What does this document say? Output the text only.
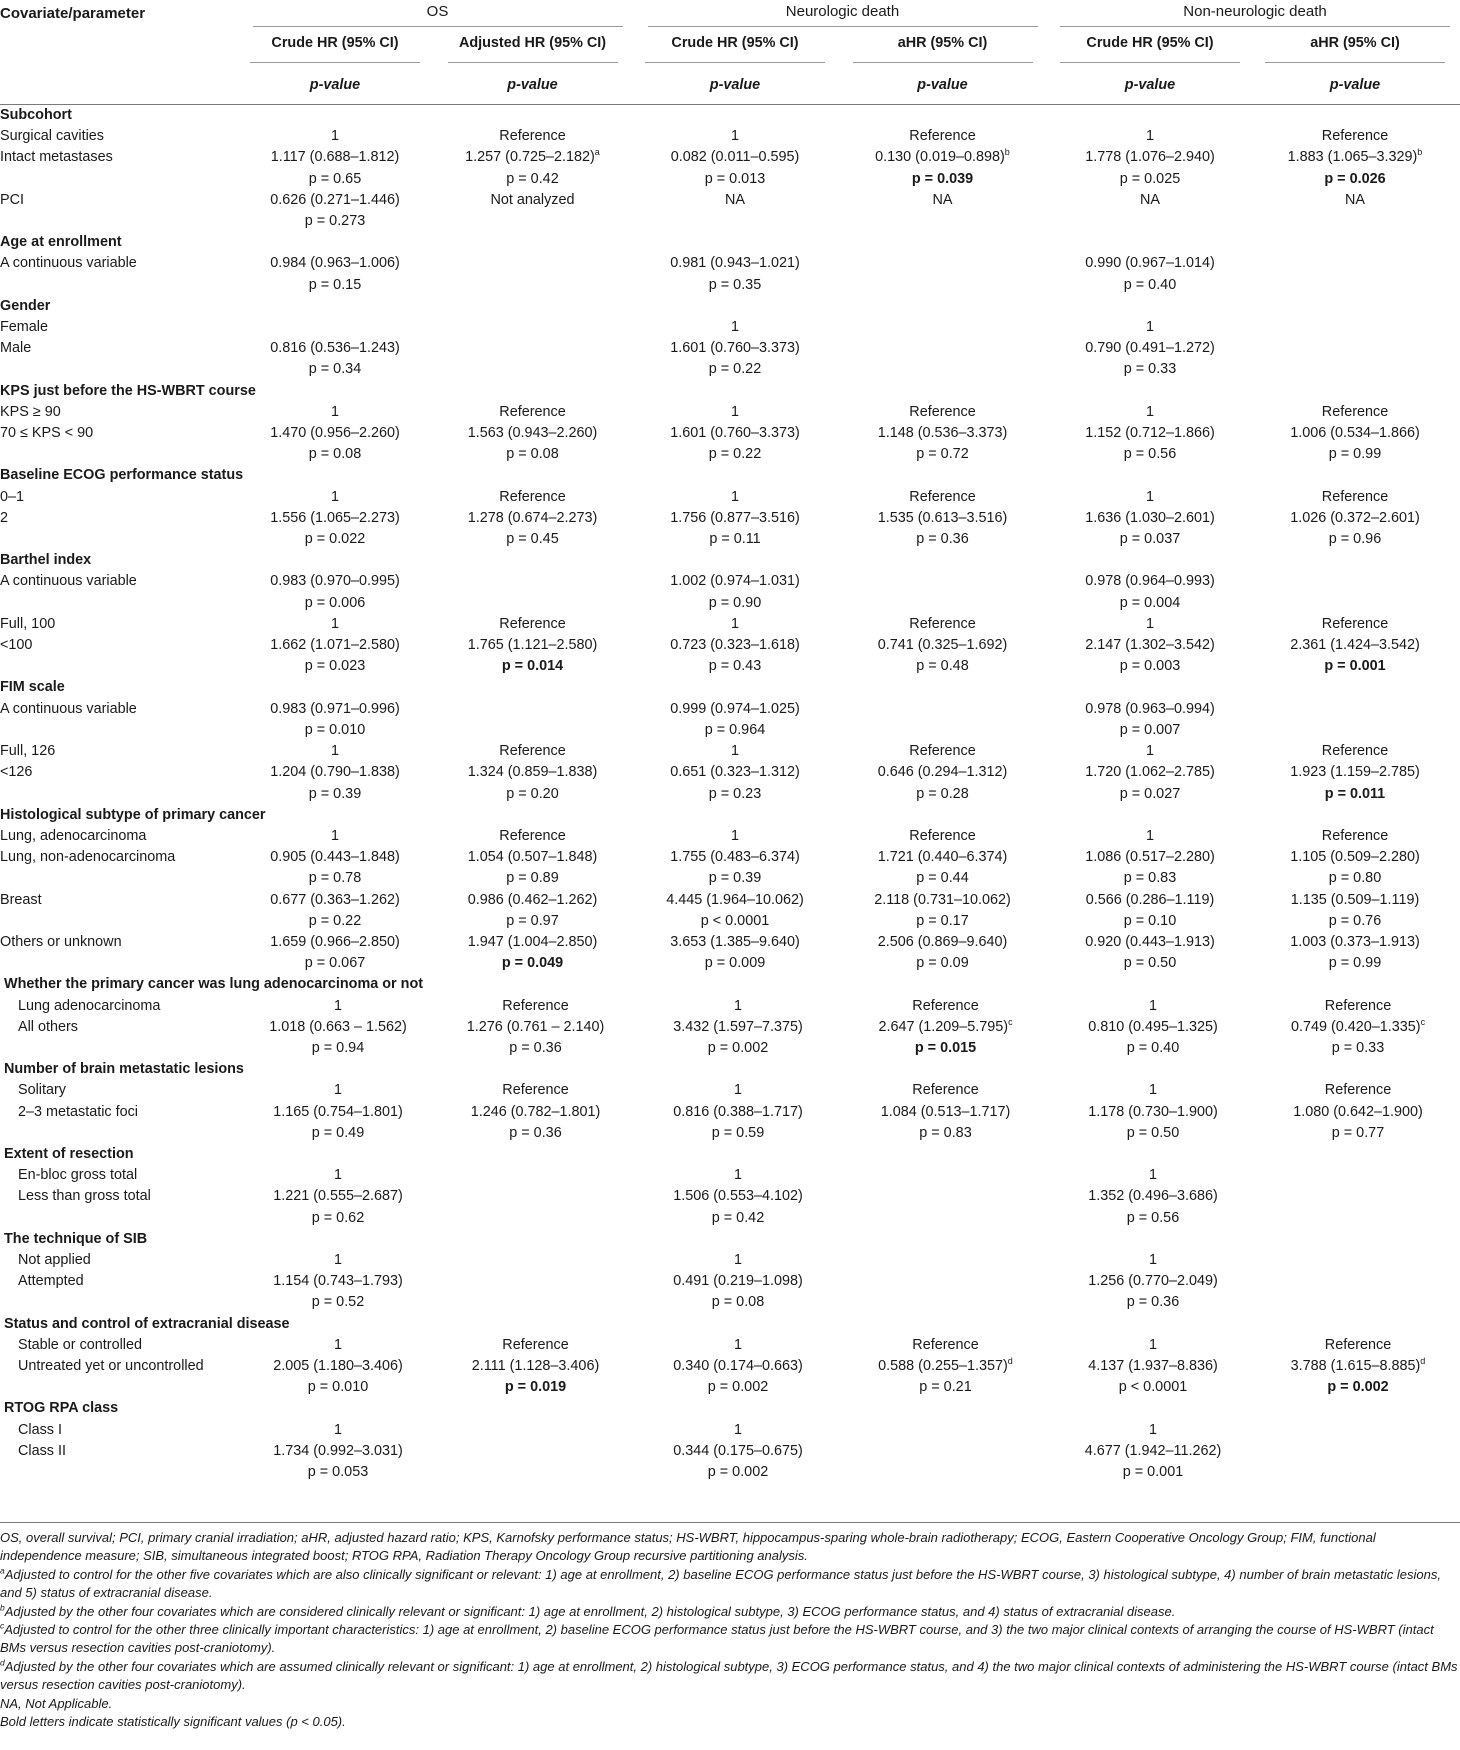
Covariate/parameter	OS		Neurologic death		Non-neurologic death	
	Crude HR (95% CI)	Adjusted HR (95% CI)	Crude HR (95% CI)	aHR (95% CI)	Crude HR (95% CI)	aHR (95% CI)
	p-value	p-value	p-value	p-value	p-value	p-value
Subcohort						
Surgical cavities	1	Reference	1	Reference	1	Reference
Intact metastases	1.117 (0.688–1.812)	1.257 $(0.725-2.182)^a$	0.082 (0.011–0.595)	0.130 $(0.019-0.898)^b$	1.778 (1.076–2.940)	1.883 $(1.065-3.329)^b$
	p = 0.65	p = 0.42	p = 0.013	p = 0.039	p = 0.025	p = 0.026
PCI	0.626 (0.271–1.446)	Not analyzed	NA	NA	NA	NA
	p = 0.273					
Age at enrollment						
A continuous variable	0.984 (0.963–1.006)		0.981 (0.943–1.021)		0.990 (0.967–1.014)	
	p = 0.15		p = 0.35		p = 0.40	
Gender						
Female			1		1	
Male	0.816 (0.536–1.243)		1.601 (0.760–3.373)		0.790 (0.491–1.272)	
	p = 0.34		p = 0.22		p = 0.33	
KPS just before the HS-WBRT course						
KPS ≥ 90	1	Reference	1	Reference	1	Reference
70 ≤ KPS < 90	1.470 (0.956–2.260)	1.563 (0.943–2.260)	1.601 (0.760–3.373)	1.148 (0.536–3.373)	1.152 (0.712–1.866)	1.006 (0.534–1.866)
	p = 0.08	p = 0.08	p = 0.22	p = 0.72	p = 0.56	p = 0.99
Baseline ECOG performance status						
0–1	1	Reference	1	Reference	1	Reference
2	1.556 (1.065–2.273)	1.278 (0.674–2.273)	1.756 (0.877–3.516)	1.535 (0.613–3.516)	1.636 (1.030–2.601)	1.026 (0.372–2.601)
	p = 0.022	p = 0.45	p = 0.11	p = 0.36	p = 0.037	p = 0.96
Barthel index						
A continuous variable	0.983 (0.970–0.995)		1.002 (0.974–1.031)		0.978 (0.964–0.993)	
	p = 0.006		p = 0.90		p = 0.004	
Full, 100	1	Reference	1	Reference	1	Reference
<100	1.662 (1.071–2.580)	1.765 (1.121–2.580)	0.723 (0.323–1.618)	0.741 (0.325–1.692)	2.147 (1.302–3.542)	2.361 (1.424–3.542)
	p = 0.023	p = 0.014	p = 0.43	p = 0.48	p = 0.003	p = 0.001
FIM scale						
A continuous variable	0.983 (0.971–0.996)		0.999 (0.974–1.025)		0.978 (0.963–0.994)	
	p = 0.010		p = 0.964		p = 0.007	
Full, 126	1	Reference	1	Reference	1	Reference
<126	1.204 (0.790–1.838)	1.324 (0.859–1.838)	0.651 (0.323–1.312)	0.646 (0.294–1.312)	1.720 (1.062–2.785)	1.923 (1.159–2.785)
	p = 0.39	p = 0.20	p = 0.23	p = 0.28	p = 0.027	p = 0.011
Histological subtype of primary cancer						
Lung, adenocarcinoma	1	Reference	1	Reference	1	Reference
Lung, non-adenocarcinoma	0.905 (0.443–1.848)	1.054 (0.507–1.848)	1.755 (0.483–6.374)	1.721 (0.440–6.374)	1.086 (0.517–2.280)	1.105 (0.509–2.280)
	p = 0.78	p = 0.89	p = 0.39	p = 0.44	p = 0.83	p = 0.80
Breast	0.677 (0.363–1.262)	0.986 (0.462–1.262)	4.445 (1.964–10.062)	2.118 (0.731–10.062)	0.566 (0.286–1.119)	1.135 (0.509–1.119)
	p = 0.22	p = 0.97	p < 0.0001	p = 0.17	p = 0.10	p = 0.76
Others or unknown	1.659 (0.966–2.850)	1.947 (1.004–2.850)	3.653 (1.385–9.640)	2.506 (0.869–9.640)	0.920 (0.443–1.913)	1.003 (0.373–1.913)
	p = 0.067	p = 0.049	p = 0.009	p = 0.09	p = 0.50	p = 0.99
Whether the primary cancer was lung adenocarcinoma or not						
Lung adenocarcinoma	1	Reference	1	Reference	1	Reference
All others	1.018 (0.663 – 1.562)	1.276 (0.761 – 2.140)	3.432 (1.597–7.375)	2.647 $(1.209-5.795)^c$	0.810 (0.495–1.325)	0.749 $(0.420-1.335)^c$
	p = 0.94	p = 0.36	p = 0.002	p = 0.015	p = 0.40	p = 0.33
Number of brain metastatic lesions						
Solitary	1	Reference	1	Reference	1	Reference
2–3 metastatic foci	1.165 (0.754–1.801)	1.246 (0.782–1.801)	0.816 (0.388–1.717)	1.084 (0.513–1.717)	1.178 (0.730–1.900)	1.080 (0.642–1.900)
	p = 0.49	p = 0.36	p = 0.59	p = 0.83	p = 0.50	p = 0.77
Extent of resection						
En-bloc gross total	1		1		1	
Less than gross total	1.221 (0.555–2.687)		1.506 (0.553–4.102)		1.352 (0.496–3.686)	
	p = 0.62		p = 0.42		p = 0.56	
The technique of SIB						
Not applied	1		1		1	
Attempted	1.154 (0.743–1.793)		0.491 (0.219–1.098)		1.256 (0.770–2.049)	
	p = 0.52		p = 0.08		p = 0.36	
Status and control of extracranial disease						
Stable or controlled	1	Reference	1	Reference	1	Reference
Untreated yet or uncontrolled	2.005 (1.180–3.406)	2.111 (1.128–3.406)	0.340 (0.174–0.663)	0.588 $(0.255-1.357)^d$	4.137 (1.937–8.836)	3.788 $(1.615-8.885)^d$
	p = 0.010	p = 0.019	p = 0.002	p = 0.21	p < 0.0001	p = 0.002
RTOG RPA class						
Class I	1		1		1	
Class II	1.734 (0.992–3.031)		0.344 (0.175–0.675)		4.677 (1.942–11.262)	
	p = 0.053		p = 0.002		p = 0.001	

OS, overall survival; PCI, primary cranial irradiation; aHR, adjusted hazard ratio; KPS, Karnofsky performance status; HS-WBRT, hippocampus-sparing whole-brain radiotherapy; ECOG, Eastern Cooperative Oncology Group; FIM, functional independence measure; SIB, simultaneous integrated boost; RTOG RPA, Radiation Therapy Oncology Group recursive partitioning analysis.

$^a$Adjusted to control for the other five covariates which are also clinically significant or relevant: 1) age at enrollment, 2) baseline ECOG performance status just before the HS-WBRT course, 3) histological subtype, 4) number of brain metastatic lesions, and 5) status of extracranial disease.

$^b$Adjusted by the other four covariates which are considered clinically relevant or significant: 1) age at enrollment, 2) histological subtype, 3) ECOG performance status, and 4) status of extracranial disease.

$^c$Adjusted to control for the other three clinically important characteristics: 1) age at enrollment, 2) baseline ECOG performance status just before the HS-WBRT course, and 3) the two major clinical contexts of arranging the course of HS-WBRT (intact BMs versus resection cavities post-craniotomy).

$^d$Adjusted by the other four covariates which are assumed clinically relevant or significant: 1) age at enrollment, 2) histological subtype, 3) ECOG performance status, and 4) the two major clinical contexts of administering the HS-WBRT course (intact BMs versus resection cavities post-craniotomy).

NA, Not Applicable.

Bold letters indicate statistically significant values (p < 0.05).
